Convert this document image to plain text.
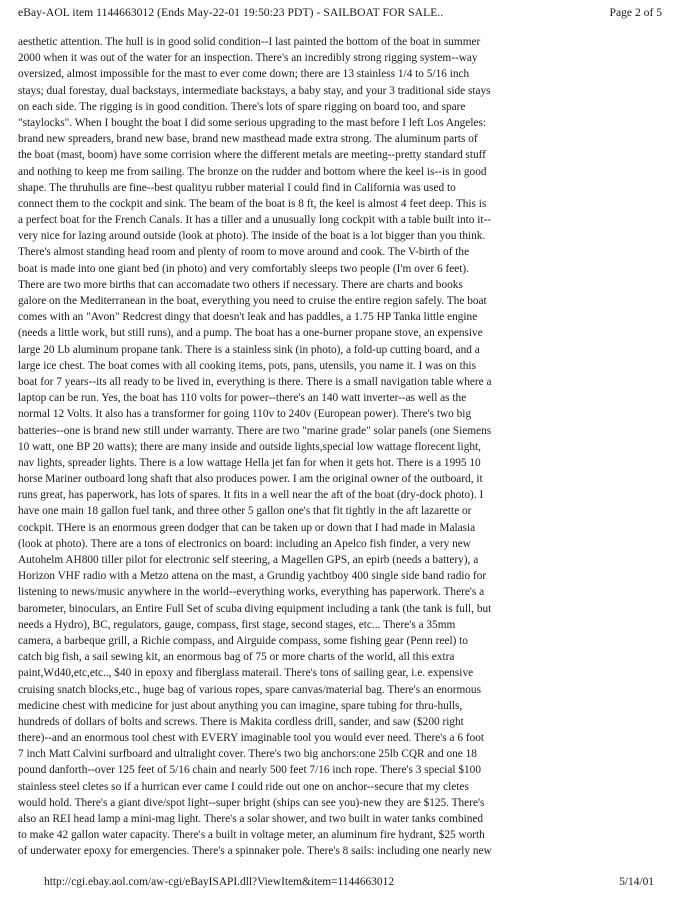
eBay-AOL item 1144663012 (Ends May-22-01 19:50:23 PDT) - SAILBOAT FOR SALE..	Page 2 of 5
aesthetic attention. The hull is in good solid condition--I last painted the bottom of the boat in summer
2000 when it was out of the water for an inspection. There's an incredibly strong rigging system--way
oversized, almost impossible for the mast to ever come down; there are 13 stainless 1/4 to 5/16 inch
stays; dual forestay, dual backstays, intermediate backstays, a baby stay, and your 3 traditional side stays
on each side. The rigging is in good condition. There's lots of spare rigging on board too, and spare
"staylocks". When I bought the boat I did some serious upgrading to the mast before I left Los Angeles:
brand new spreaders, brand new base, brand new masthead made extra strong. The aluminum parts of
the boat (mast, boom) have some corrision where the different metals are meeting--pretty standard stuff
and nothing to keep me from sailing. The bronze on the rudder and bottom where the keel is--is in good
shape. The thruhulls are fine--best qualityu rubber material I could find in California was used to
connect them to the cockpit and sink. The beam of the boat is 8 ft, the keel is almost 4 feet deep. This is
a perfect boat for the French Canals. It has a tiller and a unusually long cockpit with a table built into it--
very nice for lazing around outside (look at photo). The inside of the boat is a lot bigger than you think.
There's almost standing head room and plenty of room to move around and cook. The V-birth of the
boat is made into one giant bed (in photo) and very comfortably sleeps two people (I'm over 6 feet).
There are two more births that can accomadate two others if necessary. There are charts and books
galore on the Mediterranean in the boat, everything you need to cruise the entire region safely. The boat
comes with an "Avon" Redcrest dingy that doesn't leak and has paddles, a 1.75 HP Tanka little engine
(needs a little work, but still runs), and a pump. The boat has a one-burner propane stove, an expensive
large 20 Lb aluminum propane tank. There is a stainless sink (in photo), a fold-up cutting board, and a
large ice chest. The boat comes with all cooking items, pots, pans, utensils, you name it. I was on this
boat for 7 years--its all ready to be lived in, everything is there. There is a small navigation table where a
laptop can be run. Yes, the boat has 110 volts for power--there's an 140 watt inverter--as well as the
normal 12 Volts. It also has a transformer for going 110v to 240v (European power). There's two big
batteries--one is brand new still under warranty. There are two "marine grade" solar panels (one Siemens
10 watt, one BP 20 watts); there are many inside and outside lights,special low wattage florecent light,
nav lights, spreader lights. There is a low wattage Hella jet fan for when it gets hot. There is a 1995 10
horse Mariner outboard long shaft that also produces power. I am the original owner of the outboard, it
runs great, has paperwork, has lots of spares. It fits in a well near the aft of the boat (dry-dock photo). I
have one main 18 gallon fuel tank, and three other 5 gallon one's that fit tightly in the aft lazarette or
cockpit. THere is an enormous green dodger that can be taken up or down that I had made in Malasia
(look at photo). There are a tons of electronics on board: including an Apelco fish finder, a very new
Autohelm AH800 tiller pilot for electronic self steering, a Magellen GPS, an epirb (needs a battery), a
Horizon VHF radio with a Metzo attena on the mast, a Grundig yachtboy 400 single side band radio for
listening to news/music anywhere in the world--everything works, everything has paperwork. There's a
barometer, binoculars, an Entire Full Set of scuba diving equipment including a tank (the tank is full, but
needs a Hydro), BC, regulators, gauge, compass, first stage, second stages, etc... There's a 35mm
camera, a barbeque grill, a Richie compass, and Airguide compass, some fishing gear (Penn reel) to
catch big fish, a sail sewing kit, an enormous bag of 75 or more charts of the world, all this extra
paint,Wd40,etc,etc.., $40 in epoxy and fiberglass materail. There's tons of sailing gear, i.e. expensive
cruising snatch blocks,etc., huge bag of various ropes, spare canvas/material bag. There's an enormous
medicine chest with medicine for just about anything you can imagine, spare tubing for thru-hulls,
hundreds of dollars of bolts and screws. There is Makita cordless drill, sander, and saw ($200 right
there)--and an enormous tool chest with EVERY imaginable tool you would ever need. There's a 6 foot
7 inch Matt Calvini surfboard and ultralight cover. There's two big anchors:one 25lb CQR and one 18
pound danforth--over 125 feet of 5/16 chain and nearly 500 feet 7/16 inch rope. There's 3 special $100
stainless steel cletes so if a hurrican ever came I could ride out one on anchor--secure that my cletes
would hold. There's a giant dive/spot light--super bright (ships can see you)-new they are $125. There's
also an REI head lamp a mini-mag light. There's a solar shower, and two built in water tanks combined
to make 42 gallon water capacity. There's a built in voltage meter, an aluminum fire hydrant, $25 worth
of underwater epoxy for emergencies. There's a spinnaker pole. There's 8 sails: including one nearly new
http://cgi.ebay.aol.com/aw-cgi/eBayISAPI.dll?ViewItem&item=1144663012	5/14/01
